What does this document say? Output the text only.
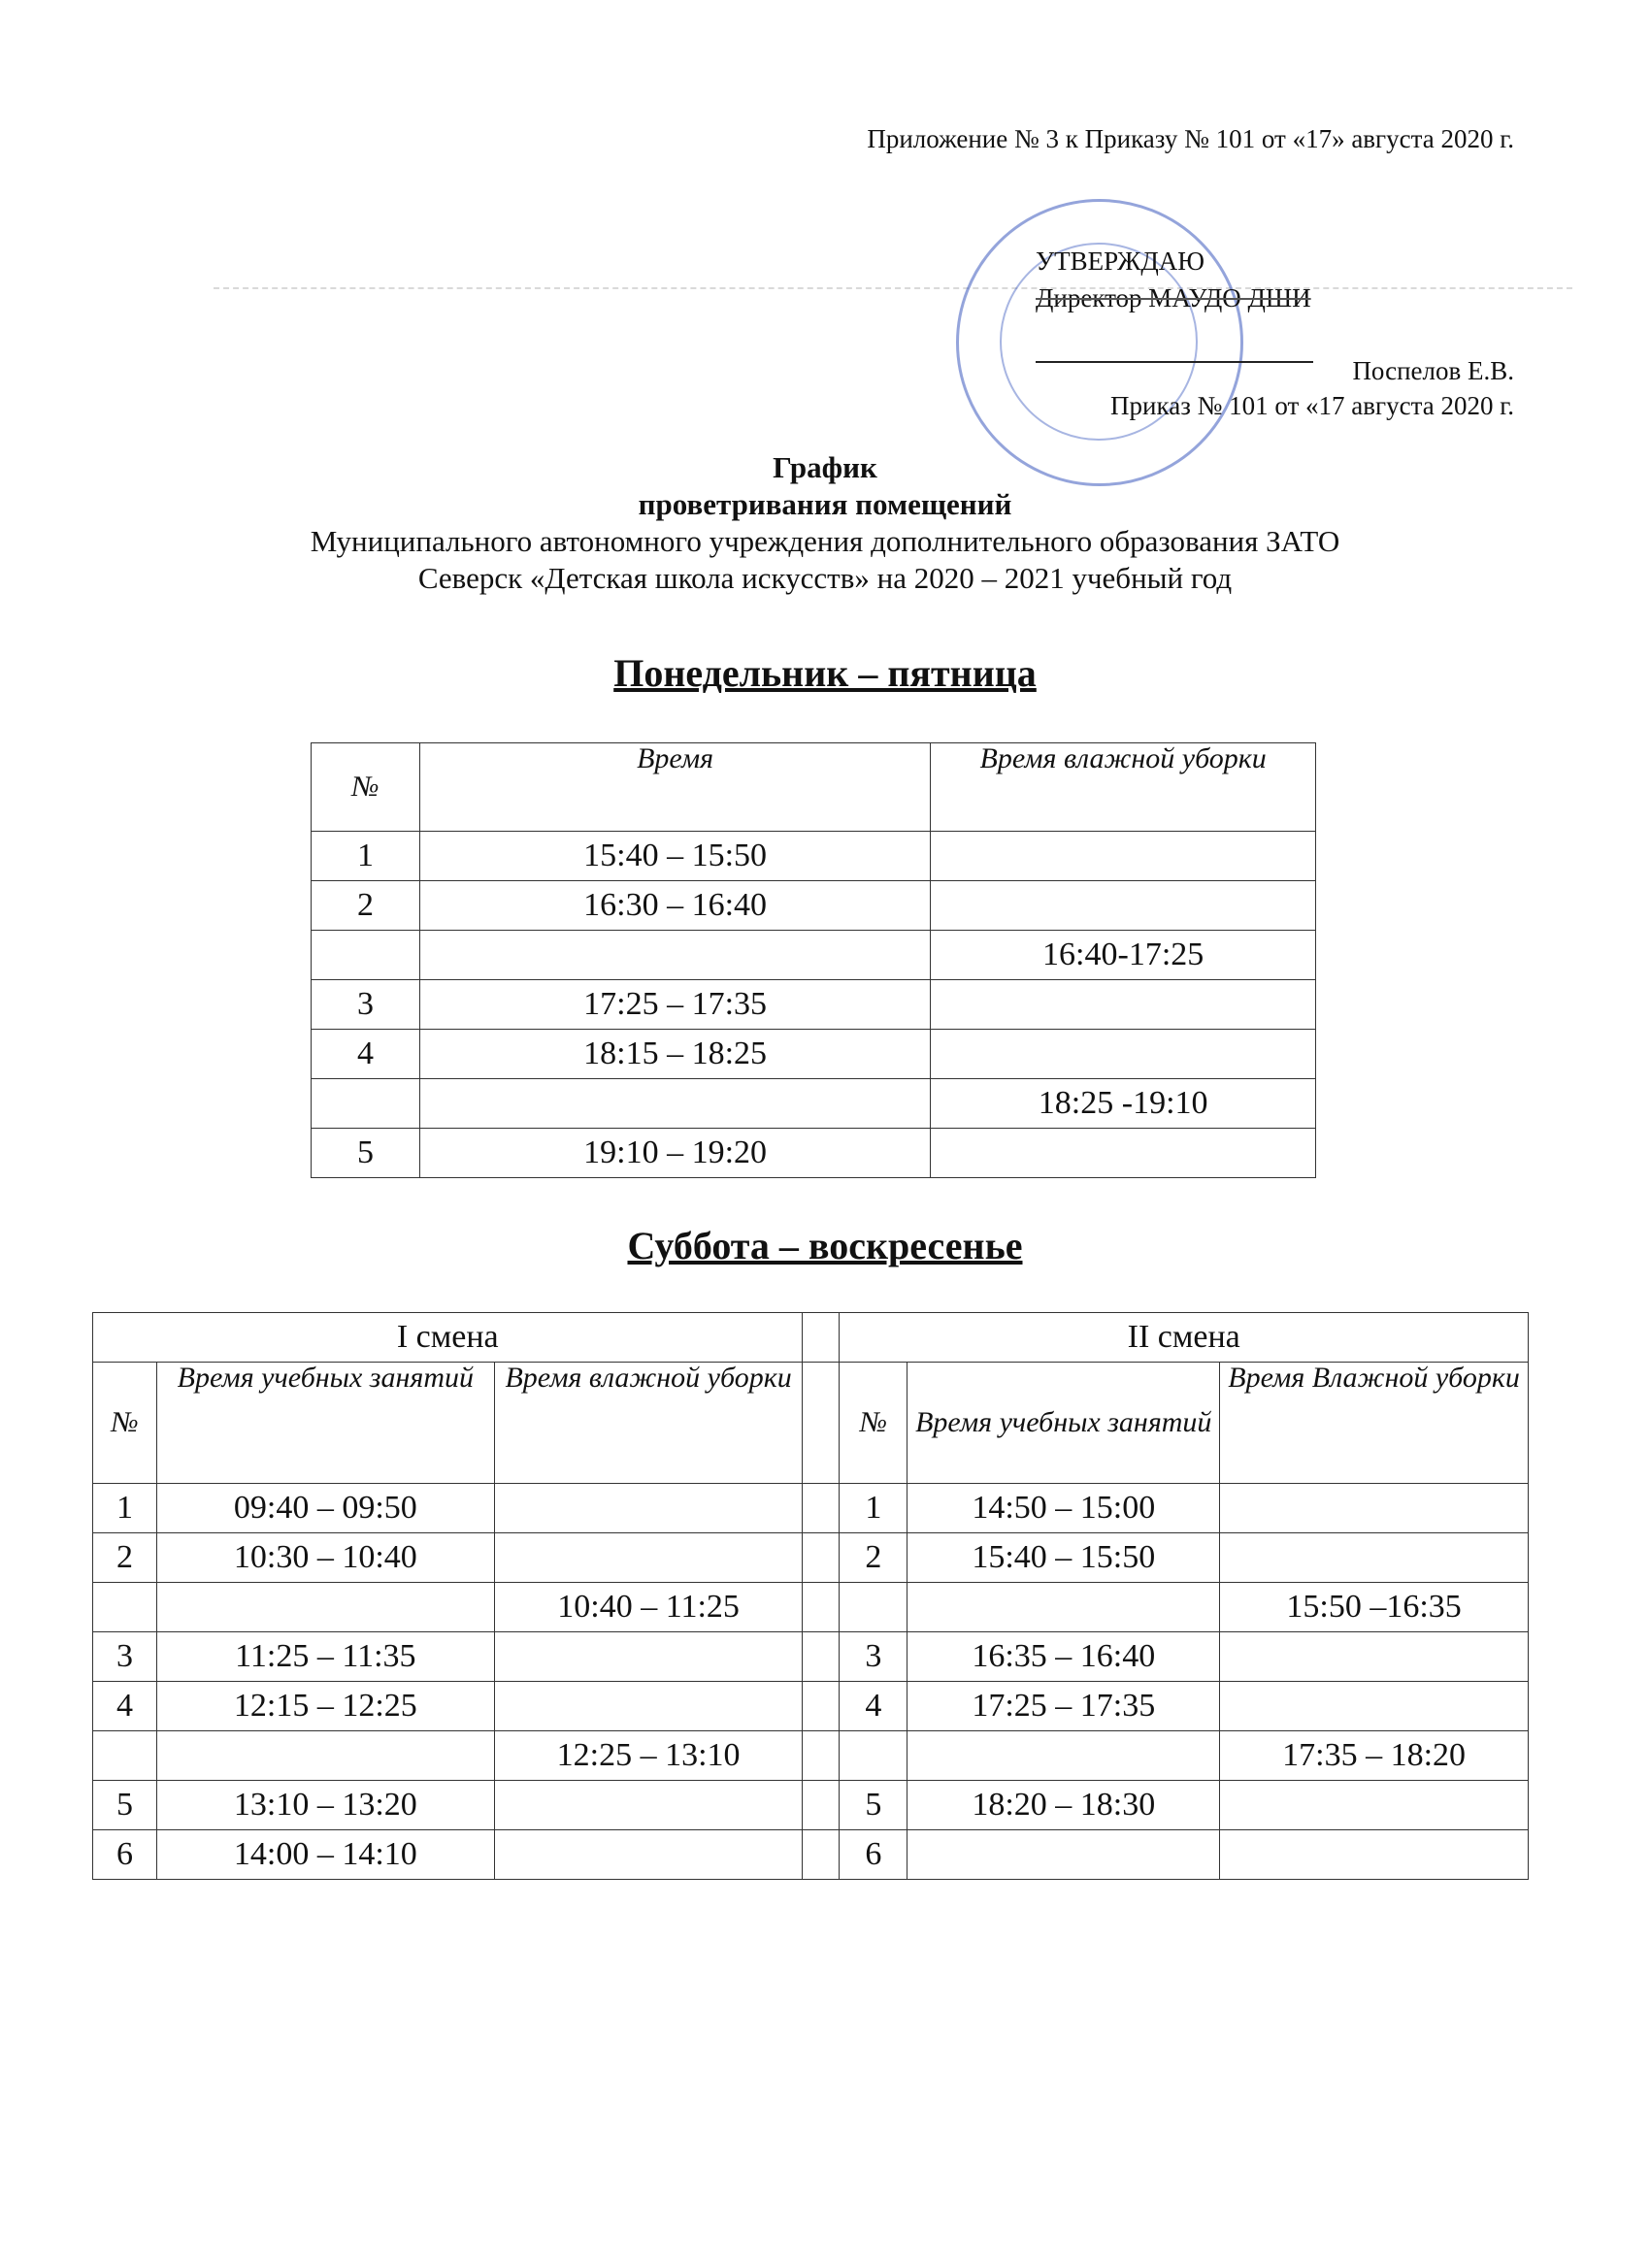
Приложение № 3 к Приказу № 101 от «17» августа 2020 г.
УТВЕРЖДАЮ
Директор МАУДО ДШИ
Поспелов Е.В.
Приказ № 101 от «17 августа 2020 г.
График
проветривания помещений
Муниципального автономного учреждения дополнительного образования ЗАТО
Северск «Детская школа искусств» на 2020 – 2021 учебный год
Понедельник – пятница
№	Время	Время влажной уборки
1	15:40 – 15:50	
2	16:30 – 16:40	
		16:40-17:25
3	17:25 – 17:35	
4	18:15 – 18:25	
		18:25 -19:10
5	19:10 – 19:20	
Суббота – воскресенье
I смена				II смена		
№	Время учебных занятий	Время влажной уборки		№	Время учебных занятий	Время Влажной уборки
1	09:40 – 09:50			1	14:50 – 15:00	
2	10:30 – 10:40			2	15:40 – 15:50	
		10:40 – 11:25				15:50 –16:35
3	11:25 – 11:35			3	16:35 – 16:40	
4	12:15 – 12:25			4	17:25 – 17:35	
		12:25 – 13:10				17:35 – 18:20
5	13:10 – 13:20			5	18:20 – 18:30	
6	14:00 – 14:10			6		
